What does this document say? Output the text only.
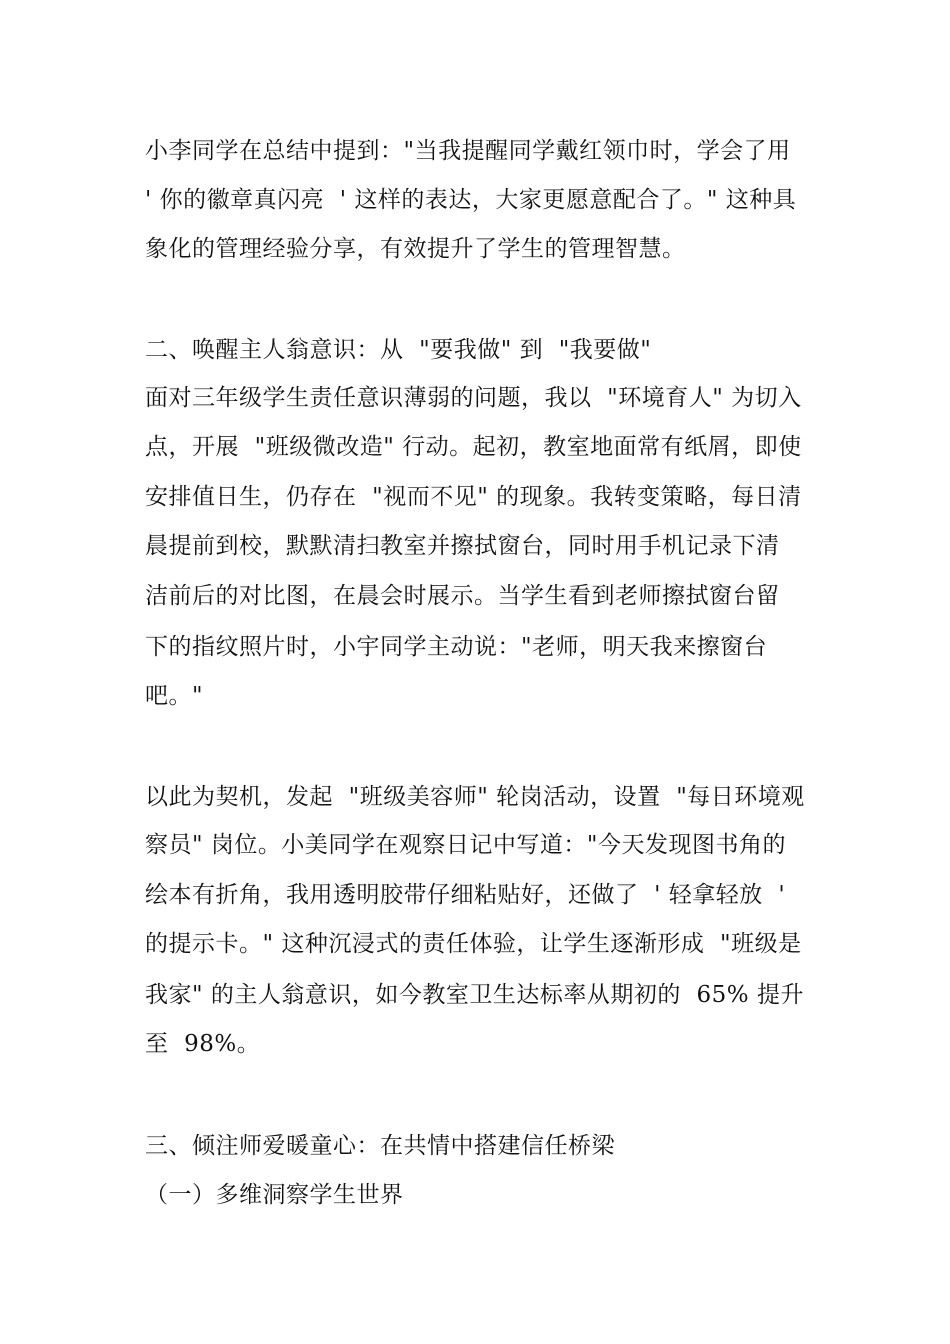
小李同学在总结中提到："当我提醒同学戴红领巾时，学会了用
' 你的徽章真闪亮  ' 这样的表达，大家更愿意配合了。" 这种具
象化的管理经验分享，有效提升了学生的管理智慧。
二、唤醒主人翁意识：从  "要我做" 到  "我要做"
面对三年级学生责任意识薄弱的问题，我以  "环境育人" 为切入
点，开展  "班级微改造" 行动。起初，教室地面常有纸屑，即使
安排值日生，仍存在  "视而不见" 的现象。我转变策略，每日清
晨提前到校，默默清扫教室并擦拭窗台，同时用手机记录下清
洁前后的对比图，在晨会时展示。当学生看到老师擦拭窗台留
下的指纹照片时，小宇同学主动说："老师，明天我来擦窗台
吧。"
以此为契机，发起  "班级美容师" 轮岗活动，设置  "每日环境观
察员" 岗位。小美同学在观察日记中写道："今天发现图书角的
绘本有折角，我用透明胶带仔细粘贴好，还做了  ' 轻拿轻放  '
的提示卡。" 这种沉浸式的责任体验，让学生逐渐形成  "班级是
我家" 的主人翁意识，如今教室卫生达标率从期初的  65% 提升
至  98%。
三、倾注师爱暖童心：在共情中搭建信任桥梁
（一）多维洞察学生世界
